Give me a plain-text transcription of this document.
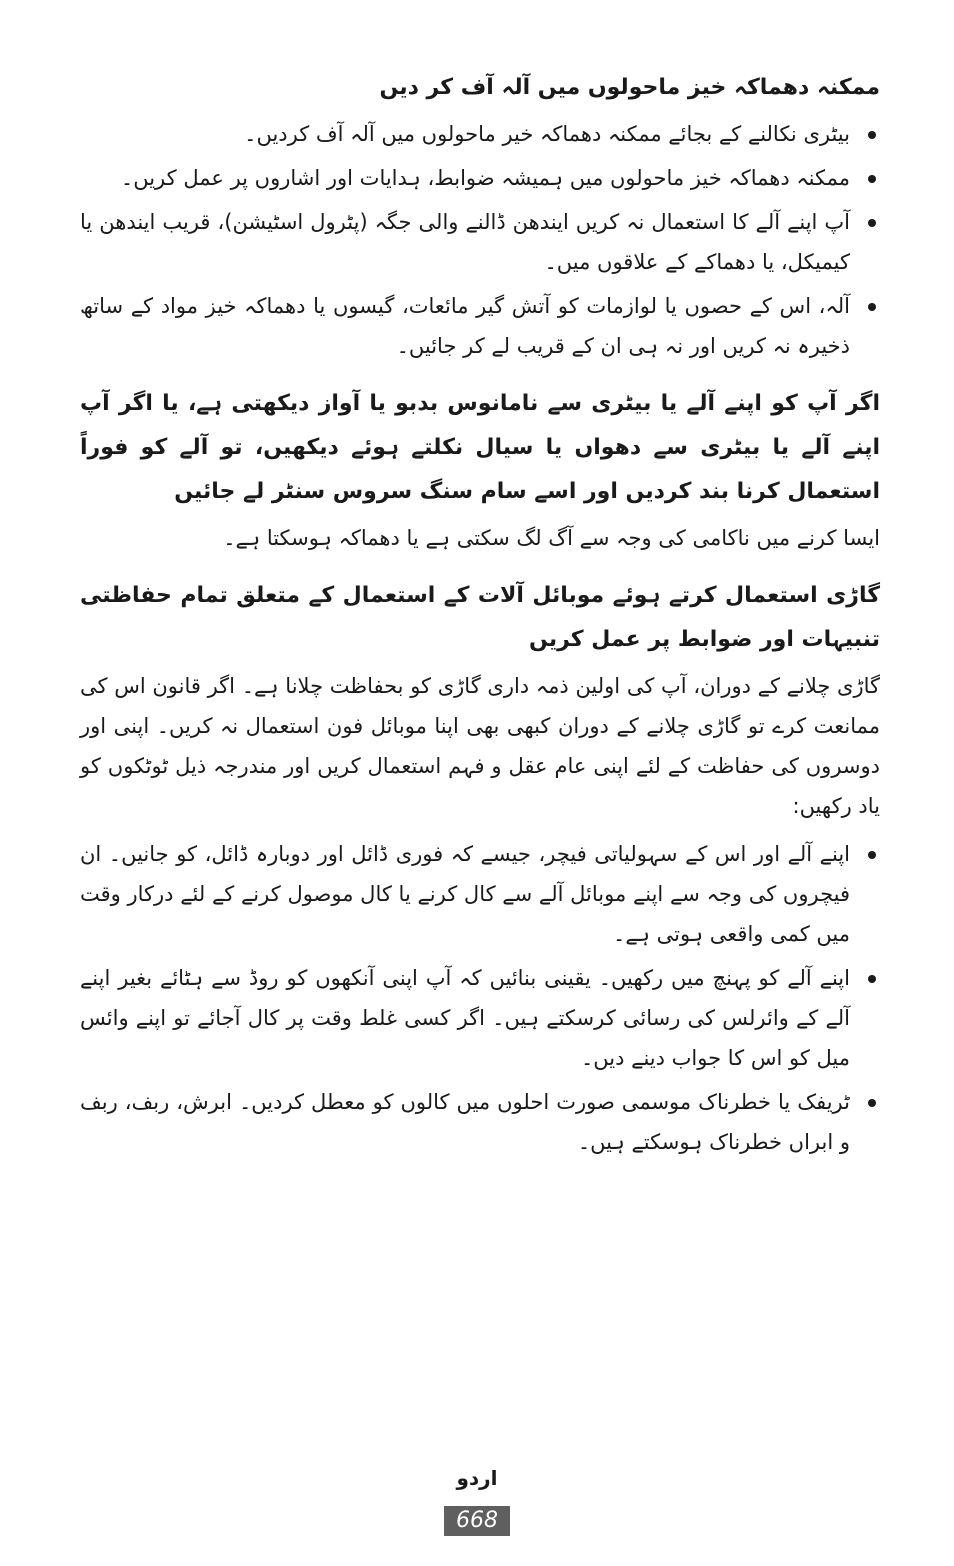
ممکنہ دھماکہ خیز ماحولوں میں آلہ آف کر دیں
بیٹری نکالنے کے بجائے ممکنہ دھماکہ خیر ماحولوں میں آلہ آف کردیں۔
ممکنہ دھماکہ خیز ماحولوں میں ہمیشہ ضوابط، ہدایات اور اشاروں پر عمل کریں۔
آپ اپنے آلے کا استعمال نہ کریں ایندھن ڈالنے والی جگہ (پٹرول اسٹیشن)، قریب ایندھن یا کیمیکل، یا دھماکے کے علاقوں میں۔
آلہ، اس کے حصوں یا لوازمات کو آتش گیر مائعات، گیسوں یا دھماکہ خیز مواد کے ساتھ ذخیرہ نہ کریں اور نہ ہی ان کے قریب لے کر جائیں۔
اگر آپ کو اپنے آلے یا بیٹری سے نامانوس بدبو یا آواز دیکھتی ہے، یا اگر آپ اپنے آلے یا بیٹری سے دھواں یا سیال نکلتے ہوئے دیکھیں، تو آلے کو فوراً استعمال کرنا بند کردیں اور اسے سام سنگ سروس سنٹر لے جائیں
ایسا کرنے میں ناکامی کی وجہ سے آگ لگ سکتی ہے یا دھماکہ ہوسکتا ہے۔
گاڑی استعمال کرتے ہوئے موبائل آلات کے استعمال کے متعلق تمام حفاظتی تنبیہات اور ضوابط پر عمل کریں
گاڑی چلانے کے دوران، آپ کی اولین ذمہ داری گاڑی کو بحفاظت چلانا ہے۔ اگر قانون اس کی ممانعت کرے تو گاڑی چلانے کے دوران کبھی بھی اپنا موبائل فون استعمال نہ کریں۔ اپنی اور دوسروں کی حفاظت کے لئے اپنی عام عقل و فہم استعمال کریں اور مندرجہ ذیل ٹوٹکوں کو یاد رکھیں:
اپنے آلے اور اس کے سہولیاتی فیچر، جیسے کہ فوری ڈائل اور دوبارہ ڈائل، کو جانیں۔ ان فیچروں کی وجہ سے اپنے موبائل آلے سے کال کرنے یا کال موصول کرنے کے لئے درکار وقت میں کمی واقعی ہوتی ہے۔
اپنے آلے کو پہنچ میں رکھیں۔ یقینی بنائیں کہ آپ اپنی آنکھوں کو روڈ سے ہٹائے بغیر اپنے آلے کے وائرلس کی رسائی کرسکتے ہیں۔ اگر کسی غلط وقت پر کال آجائے تو اپنے وائس میل کو اس کا جواب دینے دیں۔
ٹریفک یا خطرناک موسمی صورت احلوں میں کالوں کو معطل کردیں۔ ابرش، ربف، ربف و ابراں خطرناک ہوسکتے ہیں۔
اردو
668
